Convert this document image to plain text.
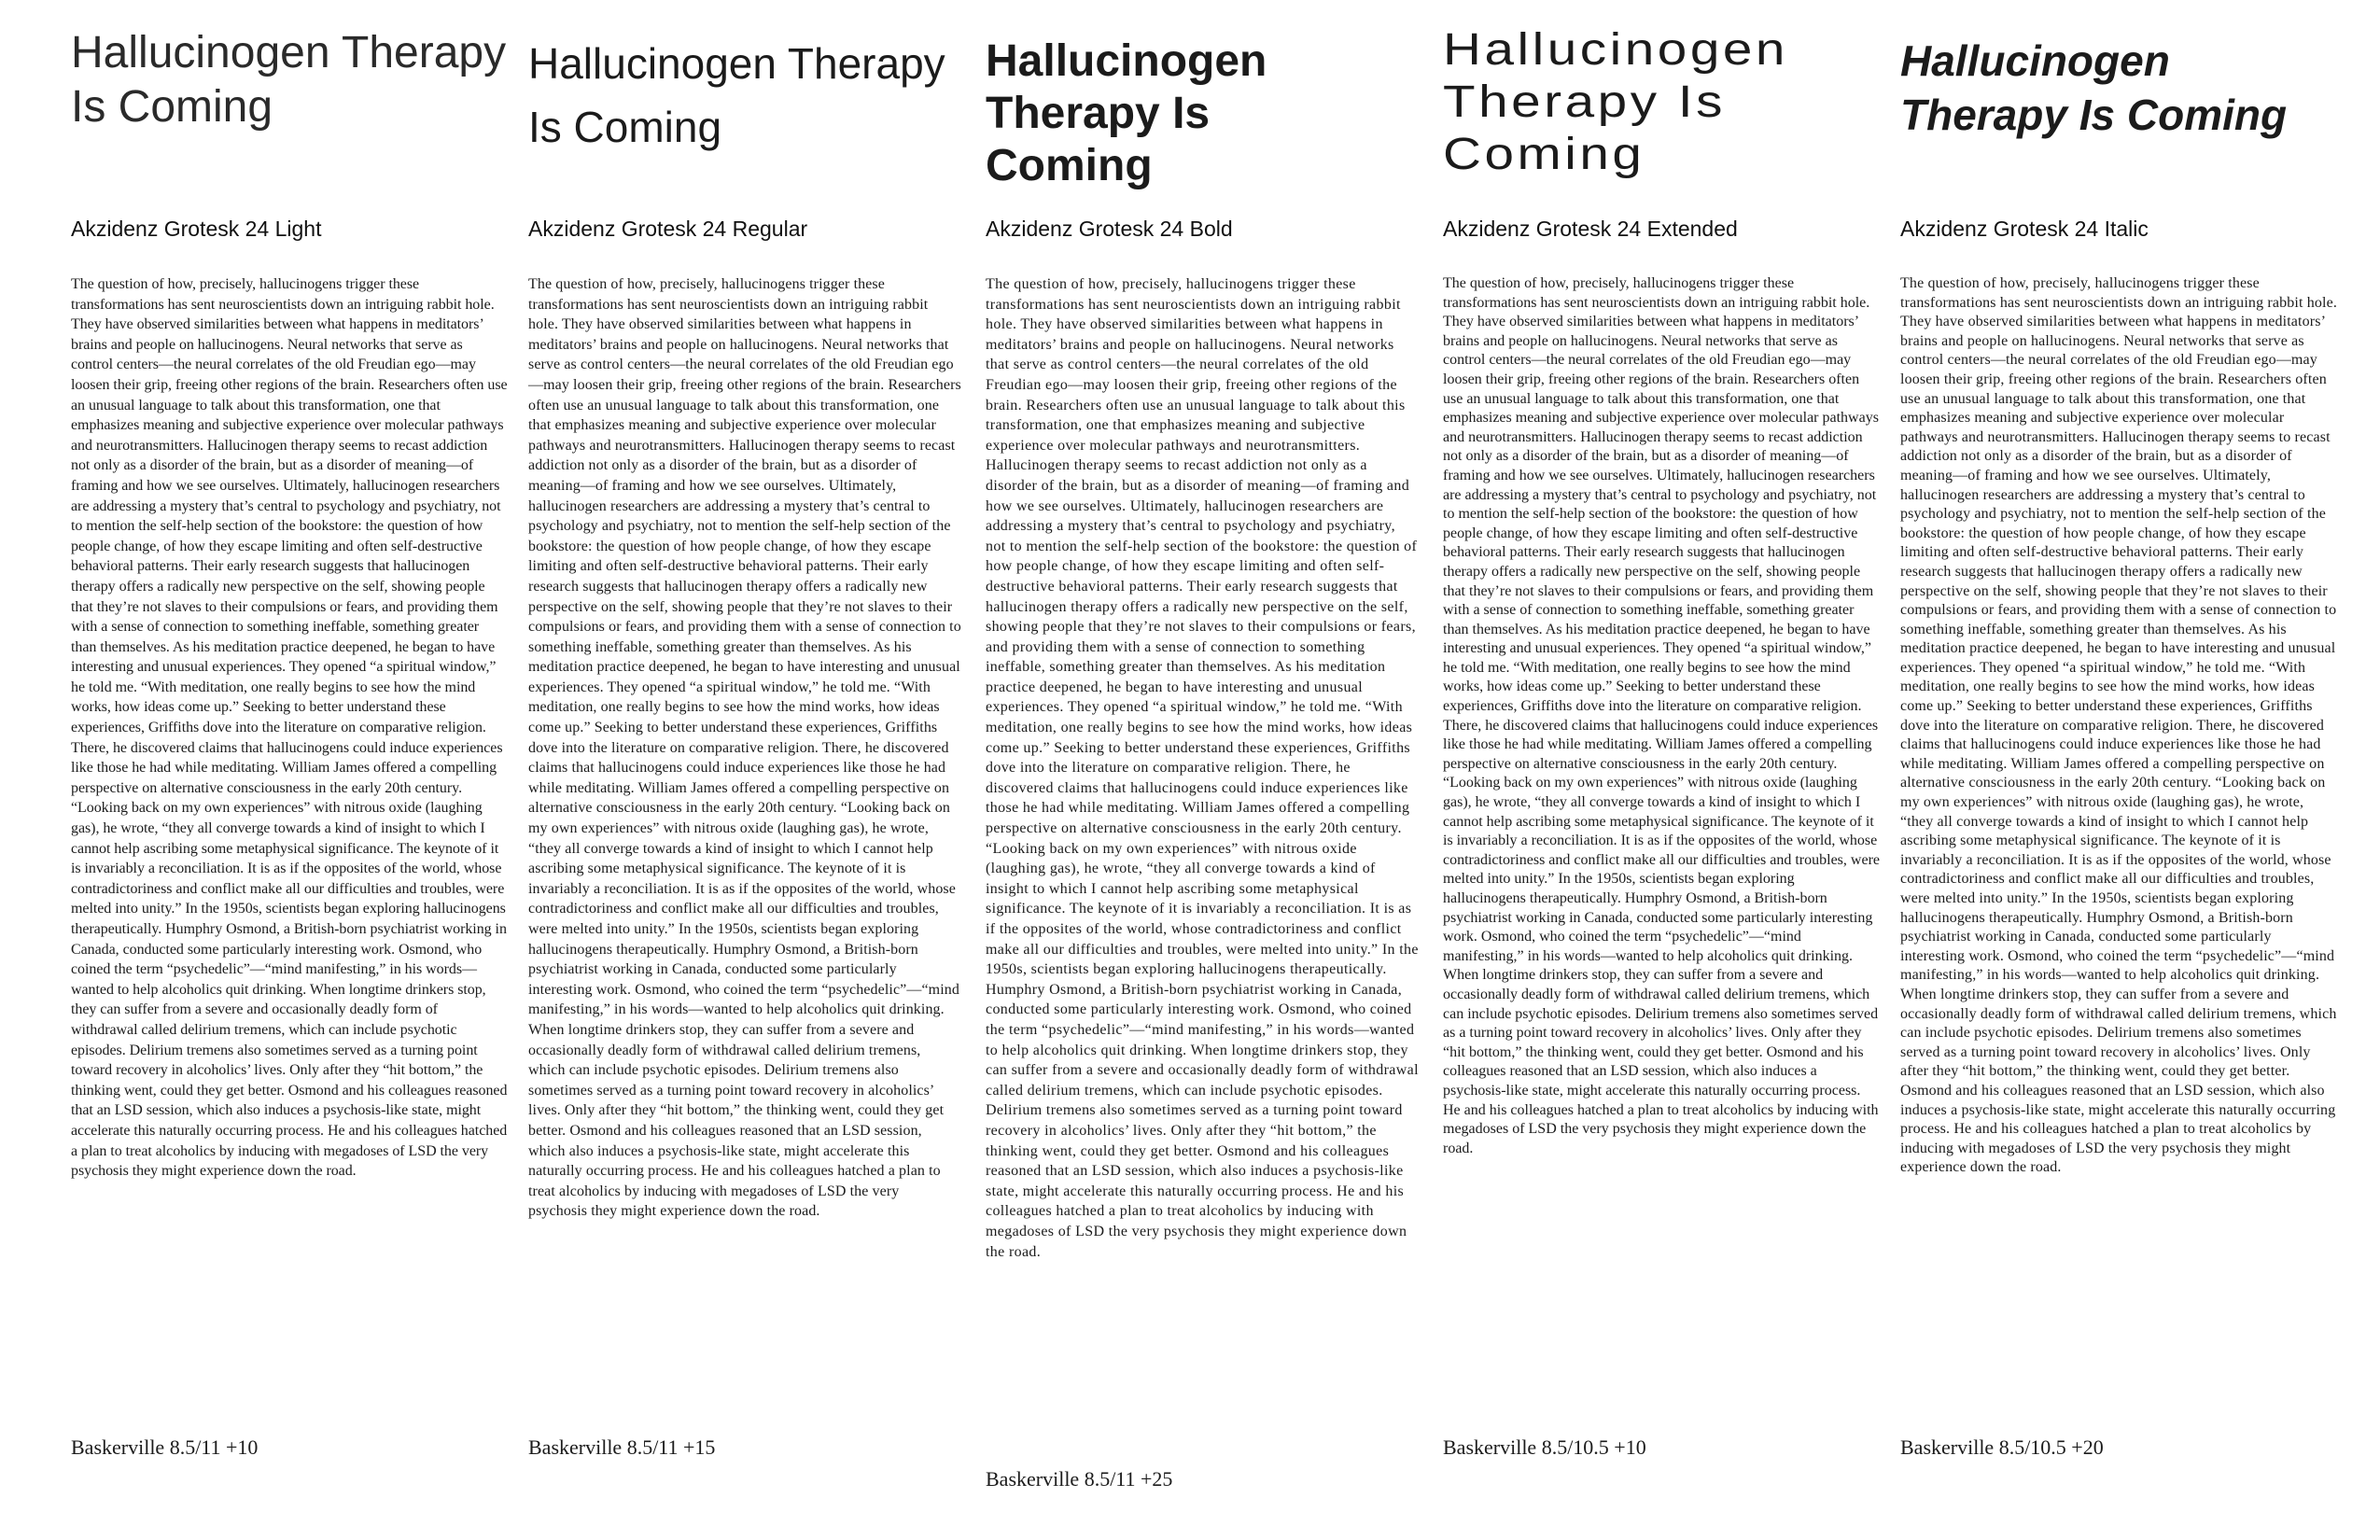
Hallucinogen Therapy Is Coming
Akzidenz Grotesk 24 Light

The question of how, precisely, hallucinogens trigger these transformations has sent neuroscientists down an intriguing rabbit hole. They have observed similarities between what happens in meditators’ brains and people on hallucinogens. Neural networks that serve as control centers—the neural correlates of the old Freudian ego—may loosen their grip, freeing other regions of the brain. Researchers often use an unusual language to talk about this transformation, one that emphasizes meaning and subjective experience over molecular pathways and neurotransmitters. Hallucinogen therapy seems to recast addiction not only as a disorder of the brain, but as a disorder of meaning—of framing and how we see ourselves. Ultimately, hallucinogen researchers are addressing a mystery that’s central to psychology and psychiatry, not to mention the self-help section of the bookstore: the question of how people change, of how they escape limiting and often self-destructive behavioral patterns. Their early research suggests that hallucinogen therapy offers a radically new perspective on the self, showing people that they’re not slaves to their compulsions or fears, and providing them with a sense of connection to something ineffable, something greater than themselves. As his meditation practice deepened, he began to have interesting and unusual experiences. They opened “a spiritual window,” he told me. “With meditation, one really begins to see how the mind works, how ideas come up.” Seeking to better understand these experiences, Griffiths dove into the literature on comparative religion. There, he discovered claims that hallucinogens could induce experiences like those he had while meditating. William James offered a compelling perspective on alternative consciousness in the early 20th century. “Looking back on my own experiences” with nitrous oxide (laughing gas), he wrote, “they all converge towards a kind of insight to which I cannot help ascribing some metaphysical significance. The keynote of it is invariably a reconciliation. It is as if the opposites of the world, whose contradictoriness and conflict make all our difficulties and troubles, were melted into unity.” In the 1950s, scientists began exploring hallucinogens therapeutically. Humphry Osmond, a British-born psychiatrist working in Canada, conducted some particularly interesting work. Osmond, who coined the term “psychedelic”—“mind manifesting,” in his words—wanted to help alcoholics quit drinking. When longtime drinkers stop, they can suffer from a severe and occasionally deadly form of withdrawal called delirium tremens, which can include psychotic episodes. Delirium tremens also sometimes served as a turning point toward recovery in alcoholics’ lives. Only after they “hit bottom,” the thinking went, could they get better. Osmond and his colleagues reasoned that an LSD session, which also induces a psychosis-like state, might accelerate this naturally occurring process. He and his colleagues hatched a plan to treat alcoholics by inducing with megadoses of LSD the very psychosis they might experience down the road.

Baskerville 8.5/11 +10
Hallucinogen Therapy Is Coming
Akzidenz Grotesk 24 Regular

The question of how, precisely, hallucinogens trigger these transformations has sent neuroscientists down an intriguing rabbit hole. They have observed similarities between what happens in meditators’ brains and people on hallucinogens. Neural networks that serve as control centers—the neural correlates of the old Freudian ego—may loosen their grip, freeing other regions of the brain. Researchers often use an unusual language to talk about this transformation, one that emphasizes meaning and subjective experience over molecular pathways and neurotransmitters. Hallucinogen therapy seems to recast addiction not only as a disorder of the brain, but as a disorder of meaning—of framing and how we see ourselves. Ultimately, hallucinogen researchers are addressing a mystery that’s central to psychology and psychiatry, not to mention the self-help section of the bookstore: the question of how people change, of how they escape limiting and often self-destructive behavioral patterns. Their early research suggests that hallucinogen therapy offers a radically new perspective on the self, showing people that they’re not slaves to their compulsions or fears, and providing them with a sense of connection to something ineffable, something greater than themselves. As his meditation practice deepened, he began to have interesting and unusual experiences. They opened “a spiritual window,” he told me. “With meditation, one really begins to see how the mind works, how ideas come up.” Seeking to better understand these experiences, Griffiths dove into the literature on comparative religion. There, he discovered claims that hallucinogens could induce experiences like those he had while meditating. William James offered a compelling perspective on alternative consciousness in the early 20th century. “Looking back on my own experiences” with nitrous oxide (laughing gas), he wrote, “they all converge towards a kind of insight to which I cannot help ascribing some metaphysical significance. The keynote of it is invariably a reconciliation. It is as if the opposites of the world, whose contradictoriness and conflict make all our difficulties and troubles, were melted into unity.” In the 1950s, scientists began exploring hallucinogens therapeutically. Humphry Osmond, a British-born psychiatrist working in Canada, conducted some particularly interesting work. Osmond, who coined the term “psychedelic”—“mind manifesting,” in his words—wanted to help alcoholics quit drinking. When longtime drinkers stop, they can suffer from a severe and occasionally deadly form of withdrawal called delirium tremens, which can include psychotic episodes. Delirium tremens also sometimes served as a turning point toward recovery in alcoholics’ lives. Only after they “hit bottom,” the thinking went, could they get better. Osmond and his colleagues reasoned that an LSD session, which also induces a psychosis-like state, might accelerate this naturally occurring process. He and his colleagues hatched a plan to treat alcoholics by inducing with megadoses of LSD the very psychosis they might experience down the road.

Baskerville 8.5/11 +15
Hallucinogen Therapy Is Coming
Akzidenz Grotesk 24 Bold

The question of how, precisely, hallucinogens trigger these transformations has sent neuroscientists down an intriguing rabbit hole. They have observed similarities between what happens in meditators’ brains and people on hallucinogens. Neural networks that serve as control centers—the neural correlates of the old Freudian ego—may loosen their grip, freeing other regions of the brain. Researchers often use an unusual language to talk about this transformation, one that emphasizes meaning and subjective experience over molecular pathways and neurotransmitters. Hallucinogen therapy seems to recast addiction not only as a disorder of the brain, but as a disorder of meaning—of framing and how we see ourselves. Ultimately, hallucinogen researchers are addressing a mystery that’s central to psychology and psychiatry, not to mention the self-help section of the bookstore: the question of how people change, of how they escape limiting and often self-destructive behavioral patterns. Their early research suggests that hallucinogen therapy offers a radically new perspective on the self, showing people that they’re not slaves to their compulsions or fears, and providing them with a sense of connection to something ineffable, something greater than themselves. As his meditation practice deepened, he began to have interesting and unusual experiences. They opened “a spiritual window,” he told me. “With meditation, one really begins to see how the mind works, how ideas come up.” Seeking to better understand these experiences, Griffiths dove into the literature on comparative religion. There, he discovered claims that hallucinogens could induce experiences like those he had while meditating. William James offered a compelling perspective on alternative consciousness in the early 20th century. “Looking back on my own experiences” with nitrous oxide (laughing gas), he wrote, “they all converge towards a kind of insight to which I cannot help ascribing some metaphysical significance. The keynote of it is invariably a reconciliation. It is as if the opposites of the world, whose contradictoriness and conflict make all our difficulties and troubles, were melted into unity.” In the 1950s, scientists began exploring hallucinogens therapeutically. Humphry Osmond, a British-born psychiatrist working in Canada, conducted some particularly interesting work. Osmond, who coined the term “psychedelic”—“mind manifesting,” in his words—wanted to help alcoholics quit drinking. When longtime drinkers stop, they can suffer from a severe and occasionally deadly form of withdrawal called delirium tremens, which can include psychotic episodes. Delirium tremens also sometimes served as a turning point toward recovery in alcoholics’ lives. Only after they “hit bottom,” the thinking went, could they get better. Osmond and his colleagues reasoned that an LSD session, which also induces a psychosis-like state, might accelerate this naturally occurring process. He and his colleagues hatched a plan to treat alcoholics by inducing with megadoses of LSD the very psychosis they might experience down the road.

Baskerville 8.5/11 +25
Hallucinogen Therapy Is Coming
Akzidenz Grotesk 24 Extended

The question of how, precisely, hallucinogens trigger these transformations has sent neuroscientists down an intriguing rabbit hole. They have observed similarities between what happens in meditators’ brains and people on hallucinogens. Neural networks that serve as control centers—the neural correlates of the old Freudian ego—may loosen their grip, freeing other regions of the brain. Researchers often use an unusual language to talk about this transformation, one that emphasizes meaning and subjective experience over molecular pathways and neurotransmitters. Hallucinogen therapy seems to recast addiction not only as a disorder of the brain, but as a disorder of meaning—of framing and how we see ourselves. Ultimately, hallucinogen researchers are addressing a mystery that’s central to psychology and psychiatry, not to mention the self-help section of the bookstore: the question of how people change, of how they escape limiting and often self-destructive behavioral patterns. Their early research suggests that hallucinogen therapy offers a radically new perspective on the self, showing people that they’re not slaves to their compulsions or fears, and providing them with a sense of connection to something ineffable, something greater than themselves. As his meditation practice deepened, he began to have interesting and unusual experiences. They opened “a spiritual window,” he told me. “With meditation, one really begins to see how the mind works, how ideas come up.” Seeking to better understand these experiences, Griffiths dove into the literature on comparative religion. There, he discovered claims that hallucinogens could induce experiences like those he had while meditating. William James offered a compelling perspective on alternative consciousness in the early 20th century. “Looking back on my own experiences” with nitrous oxide (laughing gas), he wrote, “they all converge towards a kind of insight to which I cannot help ascribing some metaphysical significance. The keynote of it is invariably a reconciliation. It is as if the opposites of the world, whose contradictoriness and conflict make all our difficulties and troubles, were melted into unity.” In the 1950s, scientists began exploring hallucinogens therapeutically. Humphry Osmond, a British-born psychiatrist working in Canada, conducted some particularly interesting work. Osmond, who coined the term “psychedelic”—“mind manifesting,” in his words—wanted to help alcoholics quit drinking. When longtime drinkers stop, they can suffer from a severe and occasionally deadly form of withdrawal called delirium tremens, which can include psychotic episodes. Delirium tremens also sometimes served as a turning point toward recovery in alcoholics’ lives. Only after they “hit bottom,” the thinking went, could they get better. Osmond and his colleagues reasoned that an LSD session, which also induces a psychosis-like state, might accelerate this naturally occurring process. He and his colleagues hatched a plan to treat alcoholics by inducing with megadoses of LSD the very psychosis they might experience down the road.

Baskerville 8.5/10.5 +10
Hallucinogen Therapy Is Coming
Akzidenz Grotesk 24 Italic

The question of how, precisely, hallucinogens trigger these transformations has sent neuroscientists down an intriguing rabbit hole. They have observed similarities between what happens in meditators’ brains and people on hallucinogens. Neural networks that serve as control centers—the neural correlates of the old Freudian ego—may loosen their grip, freeing other regions of the brain. Researchers often use an unusual language to talk about this transformation, one that emphasizes meaning and subjective experience over molecular pathways and neurotransmitters. Hallucinogen therapy seems to recast addiction not only as a disorder of the brain, but as a disorder of meaning—of framing and how we see ourselves. Ultimately, hallucinogen researchers are addressing a mystery that’s central to psychology and psychiatry, not to mention the self-help section of the bookstore: the question of how people change, of how they escape limiting and often self-destructive behavioral patterns. Their early research suggests that hallucinogen therapy offers a radically new perspective on the self, showing people that they’re not slaves to their compulsions or fears, and providing them with a sense of connection to something ineffable, something greater than themselves. As his meditation practice deepened, he began to have interesting and unusual experiences. They opened “a spiritual window,” he told me. “With meditation, one really begins to see how the mind works, how ideas come up.” Seeking to better understand these experiences, Griffiths dove into the literature on comparative religion. There, he discovered claims that hallucinogens could induce experiences like those he had while meditating. William James offered a compelling perspective on alternative consciousness in the early 20th century. “Looking back on my own experiences” with nitrous oxide (laughing gas), he wrote, “they all converge towards a kind of insight to which I cannot help ascribing some metaphysical significance. The keynote of it is invariably a reconciliation. It is as if the opposites of the world, whose contradictoriness and conflict make all our difficulties and troubles, were melted into unity.” In the 1950s, scientists began exploring hallucinogens therapeutically. Humphry Osmond, a British-born psychiatrist working in Canada, conducted some particularly interesting work. Osmond, who coined the term “psychedelic”—“mind manifesting,” in his words—wanted to help alcoholics quit drinking. When longtime drinkers stop, they can suffer from a severe and occasionally deadly form of withdrawal called delirium tremens, which can include psychotic episodes. Delirium tremens also sometimes served as a turning point toward recovery in alcoholics’ lives. Only after they “hit bottom,” the thinking went, could they get better. Osmond and his colleagues reasoned that an LSD session, which also induces a psychosis-like state, might accelerate this naturally occurring process. He and his colleagues hatched a plan to treat alcoholics by inducing with megadoses of LSD the very psychosis they might experience down the road.

Baskerville 8.5/10.5 +20
